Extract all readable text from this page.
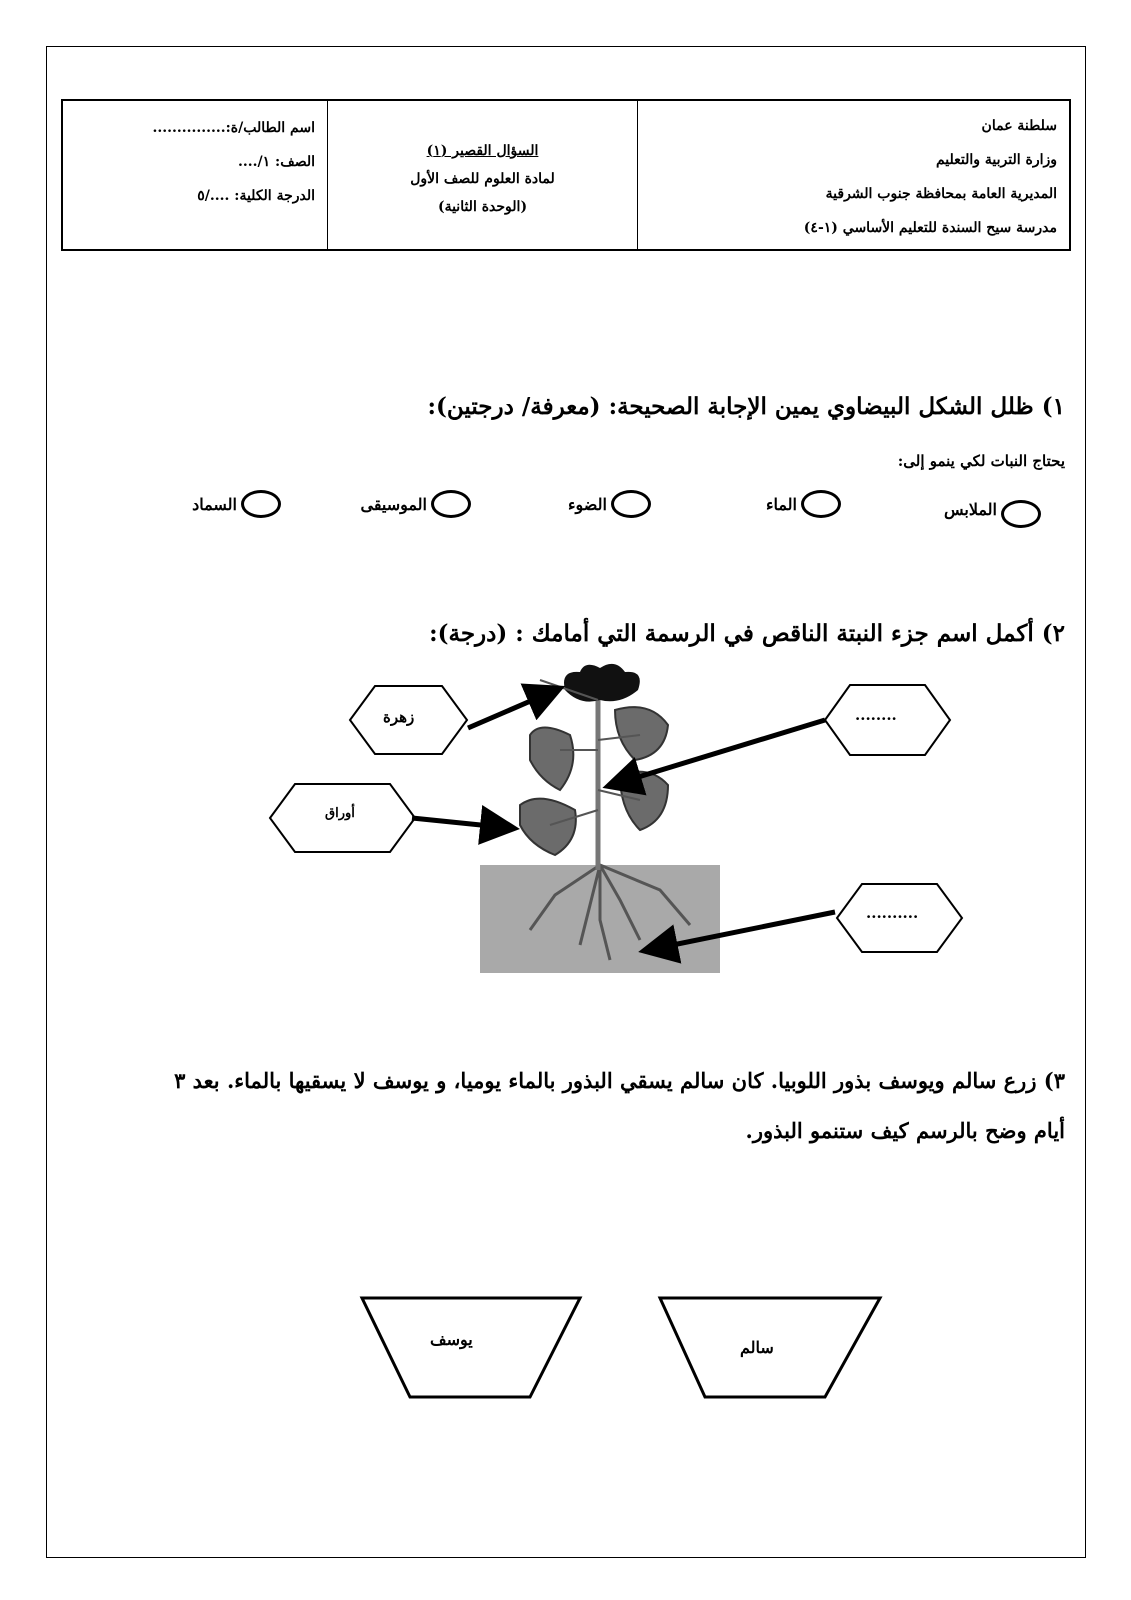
اسم الطالب/ة:...............
الصف: ١/....
الدرجة الكلية: ..../٥
السؤال القصير (١)
لمادة العلوم للصف الأول
(الوحدة الثانية)
سلطنة عمان
وزارة التربية والتعليم
المديرية العامة بمحافظة جنوب الشرقية
مدرسة سيح السندة للتعليم الأساسي (١-٤)
١) ظلل الشكل البيضاوي يمين الإجابة الصحيحة: (معرفة/ درجتين):
يحتاج النبات لكي ينمو إلى:
الملابس
الماء
الضوء
الموسيقى
السماد
٢) أكمل اسم جزء النبتة الناقص في الرسمة التي أمامك : (درجة):
زهرة
أوراق
........
..........
٣) زرع سالم ويوسف بذور اللوبيا. كان سالم يسقي البذور بالماء يوميا، و يوسف لا يسقيها بالماء. بعد ٣ أيام وضح بالرسم كيف ستنمو البذور.
يوسف	سالم
